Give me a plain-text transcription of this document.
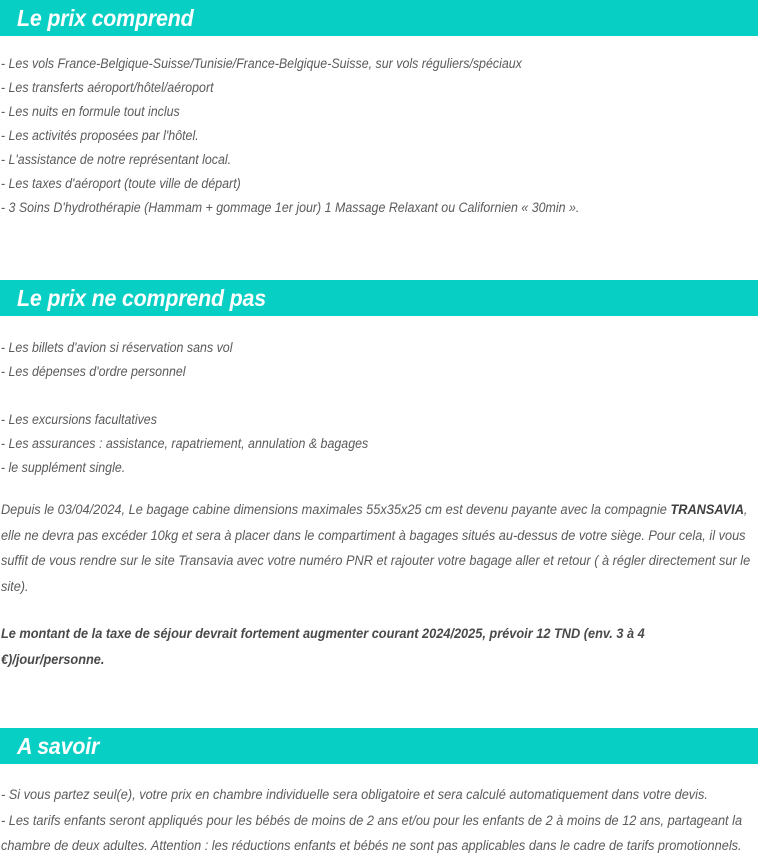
Le prix comprend
- Les vols France-Belgique-Suisse/Tunisie/France-Belgique-Suisse, sur vols réguliers/spéciaux
- Les transferts aéroport/hôtel/aéroport
- Les nuits en formule tout inclus
- Les activités proposées par l'hôtel.
- L'assistance de notre représentant local.
- Les taxes d'aéroport (toute ville de départ)
- 3 Soins D'hydrothérapie (Hammam + gommage 1er jour) 1 Massage Relaxant ou Californien « 30min ».
Le prix ne comprend pas
- Les billets d'avion si réservation sans vol
- Les dépenses d'ordre personnel
- Les excursions facultatives
- Les assurances : assistance, rapatriement, annulation & bagages
- le supplément single.
Depuis le 03/04/2024, Le bagage cabine dimensions maximales 55x35x25 cm est devenu payante avec la compagnie TRANSAVIA, elle ne devra pas excéder 10kg et sera à placer dans le compartiment à bagages situés au-dessus de votre siège. Pour cela, il vous suffit de vous rendre sur le site Transavia avec votre numéro PNR et rajouter votre bagage aller et retour ( à régler directement sur le site).
Le montant de la taxe de séjour devrait fortement augmenter courant 2024/2025, prévoir 12 TND (env. 3 à 4 €)/jour/personne.
A savoir
- Si vous partez seul(e), votre prix en chambre individuelle sera obligatoire et sera calculé automatiquement dans votre devis.
- Les tarifs enfants seront appliqués pour les bébés de moins de 2 ans et/ou pour les enfants de 2 à moins de 12 ans, partageant la chambre de deux adultes. Attention : les réductions enfants et bébés ne sont pas applicables dans le cadre de tarifs promotionnels.
